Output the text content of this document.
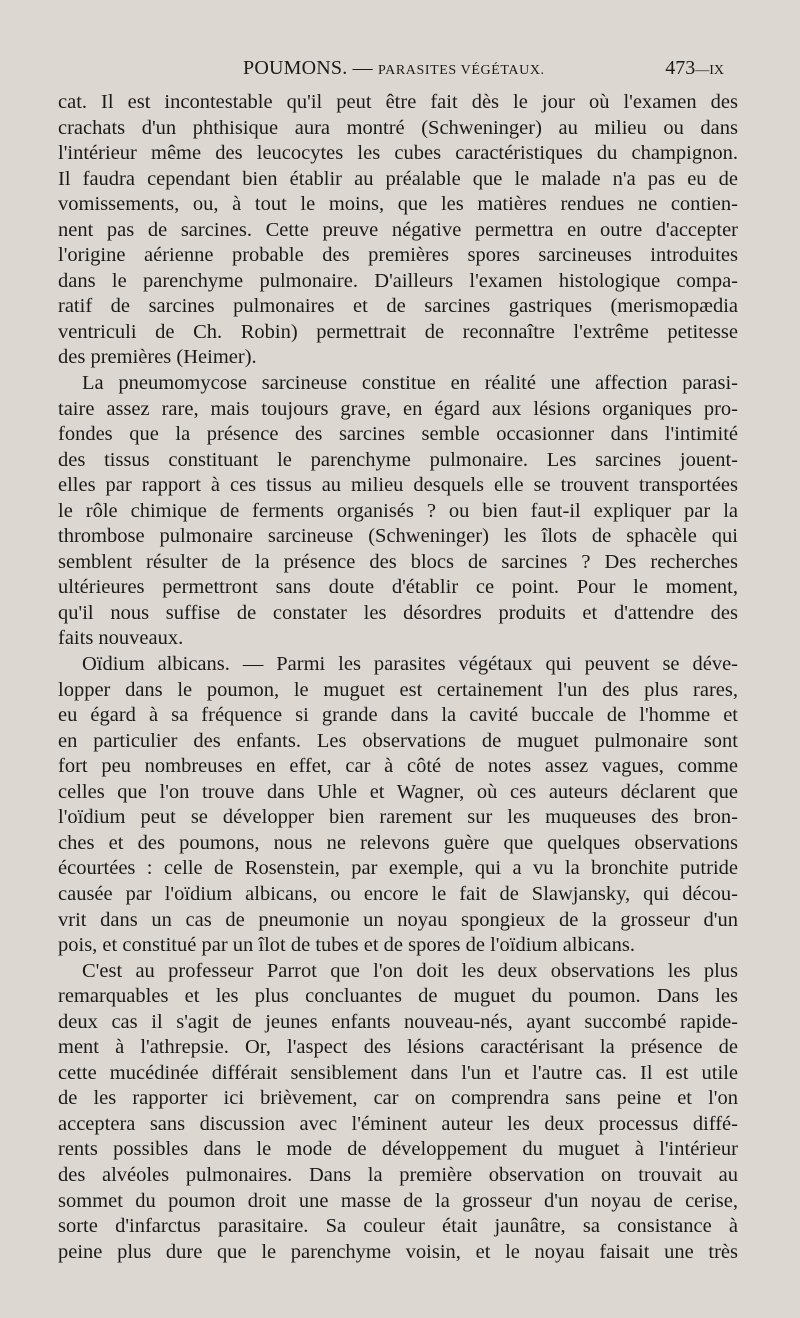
POUMONS. — PARASITES VÉGÉTAUX.	473—IX
cat. Il est incontestable qu'il peut être fait dès le jour où l'examen des
crachats d'un phthisique aura montré (Schweninger) au milieu ou dans
l'intérieur même des leucocytes les cubes caractéristiques du champignon.
Il faudra cependant bien établir au préalable que le malade n'a pas eu de
vomissements, ou, à tout le moins, que les matières rendues ne contien-
nent pas de sarcines. Cette preuve négative permettra en outre d'accepter
l'origine aérienne probable des premières spores sarcineuses introduites
dans le parenchyme pulmonaire. D'ailleurs l'examen histologique compa-
ratif de sarcines pulmonaires et de sarcines gastriques (merismopædia
ventriculi de Ch. Robin) permettrait de reconnaître l'extrême petitesse
des premières (Heimer).
La pneumomycose sarcineuse constitue en réalité une affection parasi-
taire assez rare, mais toujours grave, en égard aux lésions organiques pro-
fondes que la présence des sarcines semble occasionner dans l'intimité
des tissus constituant le parenchyme pulmonaire. Les sarcines jouent-
elles par rapport à ces tissus au milieu desquels elle se trouvent transportées
le rôle chimique de ferments organisés ? ou bien faut-il expliquer par la
thrombose pulmonaire sarcineuse (Schweninger) les îlots de sphacèle qui
semblent résulter de la présence des blocs de sarcines ? Des recherches
ultérieures permettront sans doute d'établir ce point. Pour le moment,
qu'il nous suffise de constater les désordres produits et d'attendre des
faits nouveaux.
Oïdium albicans. — Parmi les parasites végétaux qui peuvent se déve-
lopper dans le poumon, le muguet est certainement l'un des plus rares,
eu égard à sa fréquence si grande dans la cavité buccale de l'homme et
en particulier des enfants. Les observations de muguet pulmonaire sont
fort peu nombreuses en effet, car à côté de notes assez vagues, comme
celles que l'on trouve dans Uhle et Wagner, où ces auteurs déclarent que
l'oïdium peut se développer bien rarement sur les muqueuses des bron-
ches et des poumons, nous ne relevons guère que quelques observations
écourtées : celle de Rosenstein, par exemple, qui a vu la bronchite putride
causée par l'oïdium albicans, ou encore le fait de Slawjansky, qui décou-
vrit dans un cas de pneumonie un noyau spongieux de la grosseur d'un
pois, et constitué par un îlot de tubes et de spores de l'oïdium albicans.
C'est au professeur Parrot que l'on doit les deux observations les plus
remarquables et les plus concluantes de muguet du poumon. Dans les
deux cas il s'agit de jeunes enfants nouveau-nés, ayant succombé rapide-
ment à l'athrepsie. Or, l'aspect des lésions caractérisant la présence de
cette mucédinée différait sensiblement dans l'un et l'autre cas. Il est utile
de les rapporter ici brièvement, car on comprendra sans peine et l'on
acceptera sans discussion avec l'éminent auteur les deux processus diffé-
rents possibles dans le mode de développement du muguet à l'intérieur
des alvéoles pulmonaires. Dans la première observation on trouvait au
sommet du poumon droit une masse de la grosseur d'un noyau de cerise,
sorte d'infarctus parasitaire. Sa couleur était jaunâtre, sa consistance à
peine plus dure que le parenchyme voisin, et le noyau faisait une très
